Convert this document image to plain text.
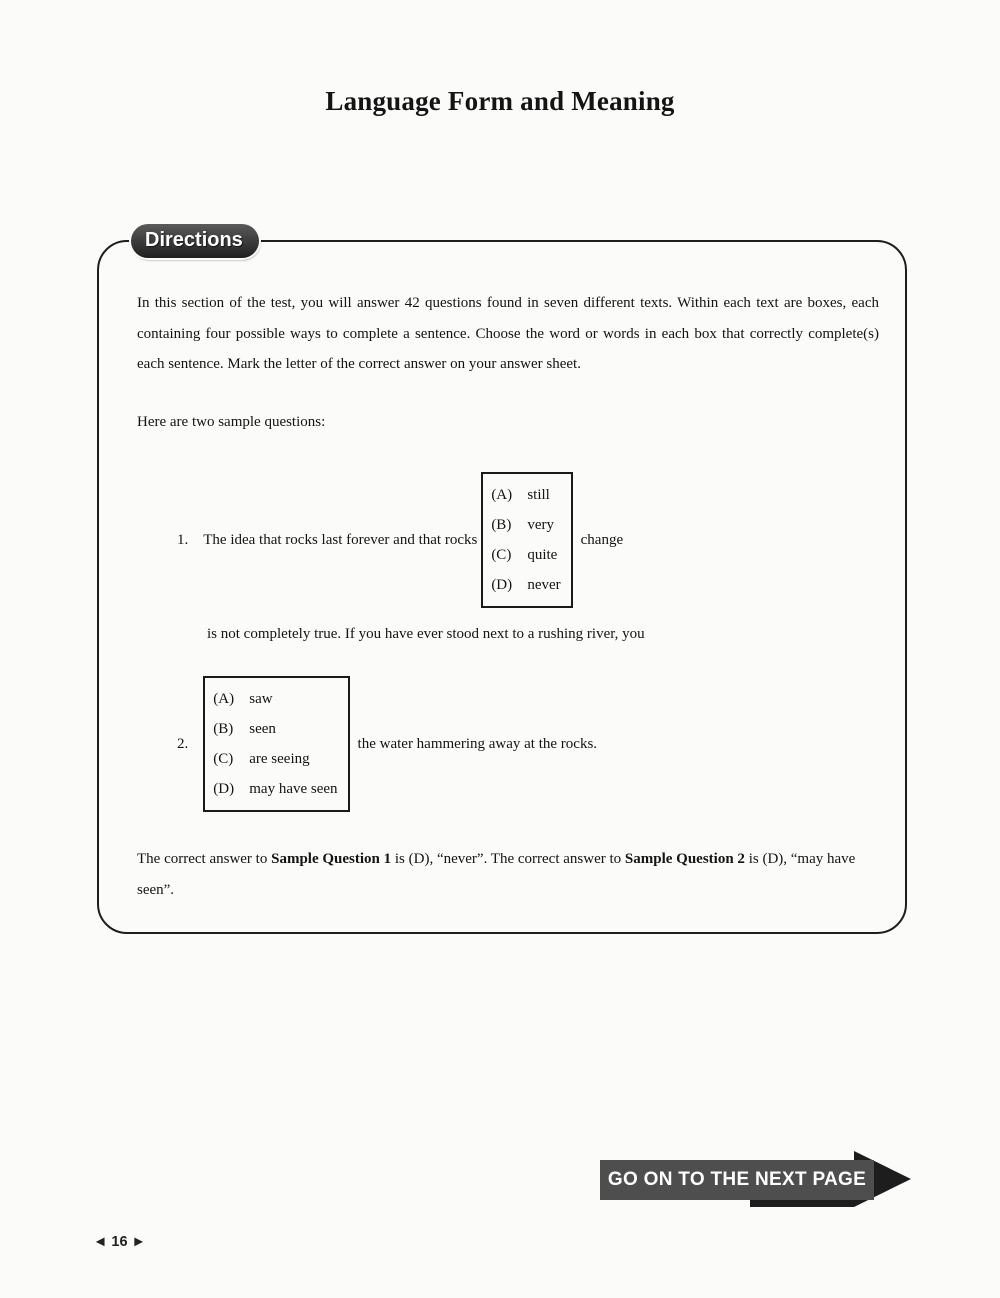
Language Form and Meaning
Directions

In this section of the test, you will answer 42 questions found in seven different texts. Within each text are boxes, each containing four possible ways to complete a sentence. Choose the word or words in each box that correctly complete(s) each sentence. Mark the letter of the correct answer on your answer sheet.

Here are two sample questions:

1. The idea that rocks last forever and that rocks
(A)	still
(B)	very
(C)	quite
(D)	never
change

is not completely true. If you have ever stood next to a rushing river, you

2.
(A)	saw
(B)	seen
(C)	are seeing
(D)	may have seen
the water hammering away at the rocks.

The correct answer to Sample Question 1 is (D), “never”. The correct answer to Sample Question 2 is (D), “may have seen”.

GO ON TO THE NEXT PAGE
◄ 16 ►
